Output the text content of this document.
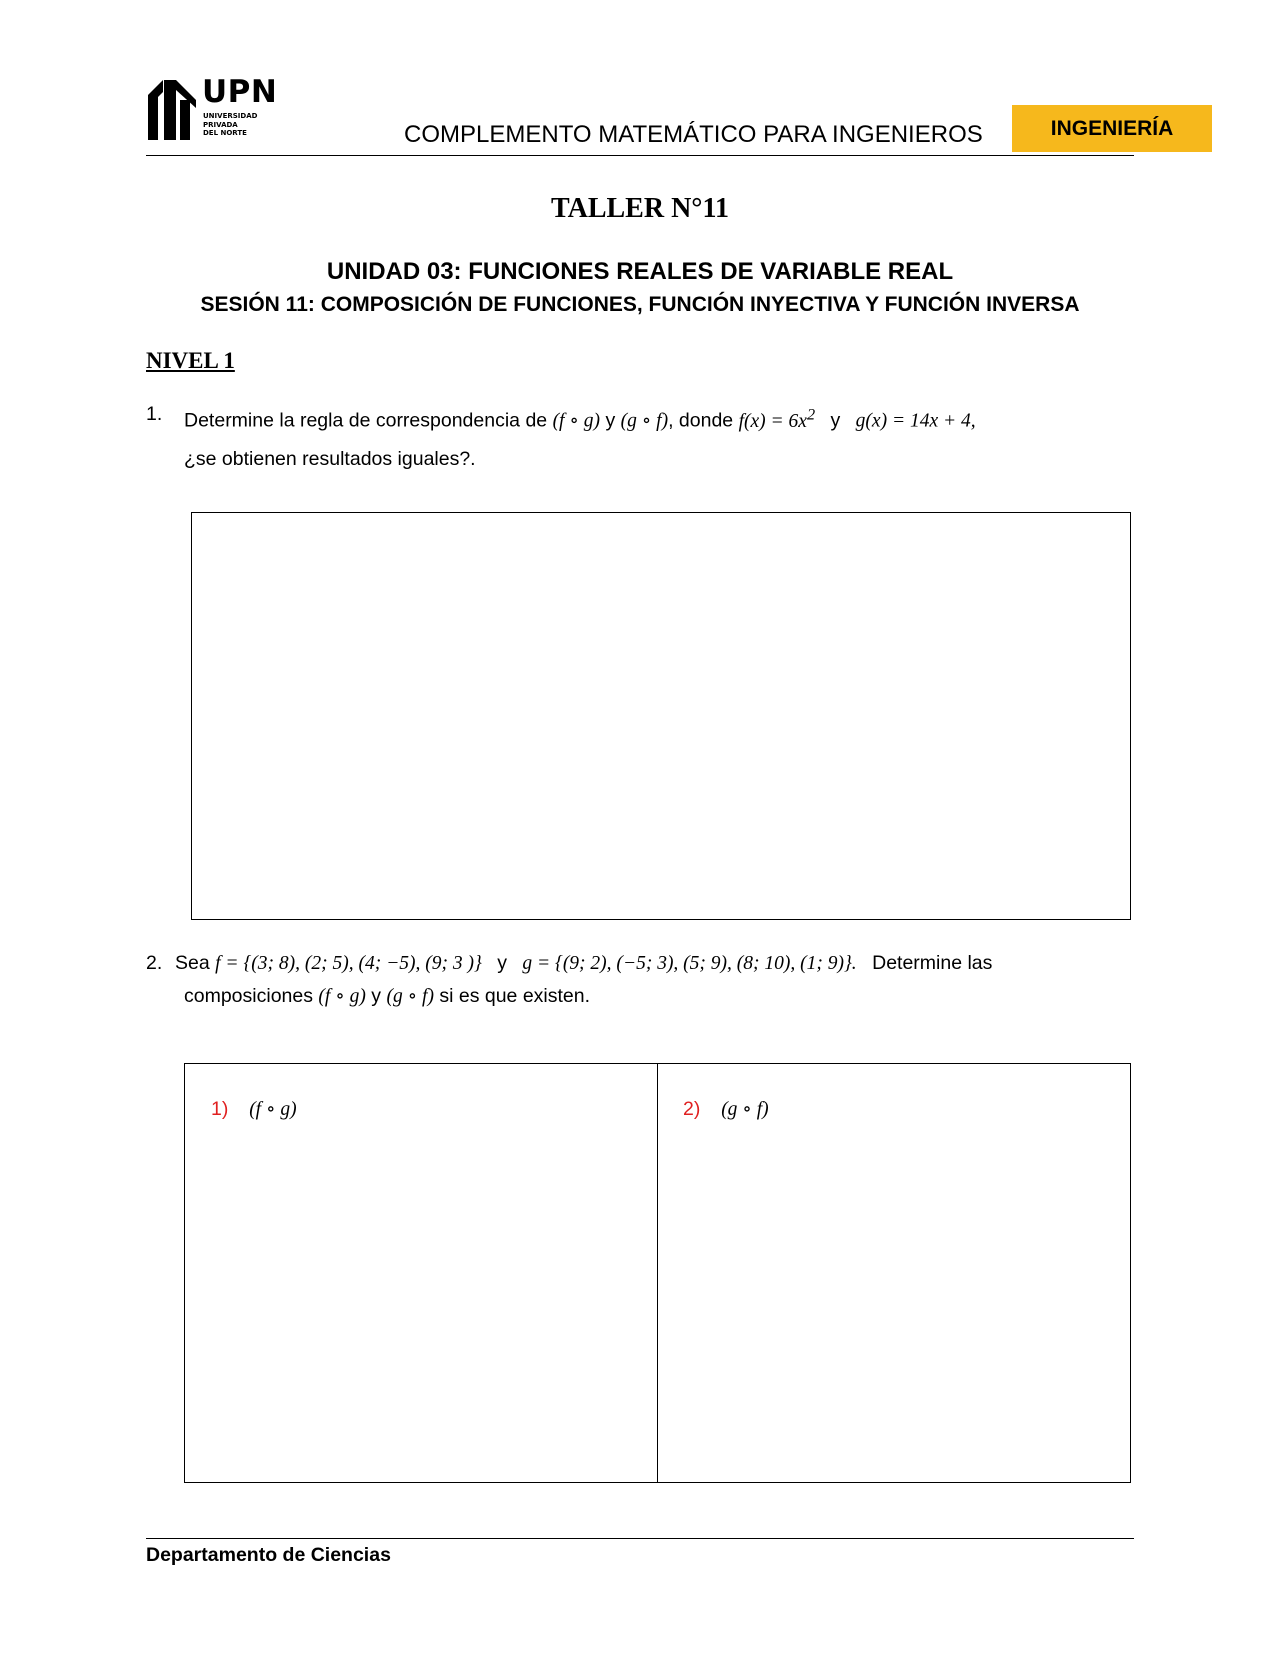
UPN
UNIVERSIDAD
PRIVADA
DEL NORTE	COMPLEMENTO MATEMÁTICO PARA INGENIEROS	INGENIERÍA
TALLER N°11
UNIDAD 03: FUNCIONES REALES DE VARIABLE REAL
SESIÓN 11: COMPOSICIÓN DE FUNCIONES, FUNCIÓN INYECTIVA Y FUNCIÓN INVERSA
NIVEL 1
1. Determine la regla de correspondencia de (f ∘ g) y (g ∘ f), donde $f(x) = 6x^2$ y g(x) = 14x + 4,
¿se obtienen resultados iguales?.
2. Sea f = {(3; 8), (2; 5), (4; −5), (9; 3 )} y g = {(9; 2), (−5; 3), (5; 9), (8; 10), (1; 9)}. Determine las
composiciones (f ∘ g) y (g ∘ f) si es que existen.
1) (f ∘ g)	2) (g ∘ f)
Departamento de Ciencias
